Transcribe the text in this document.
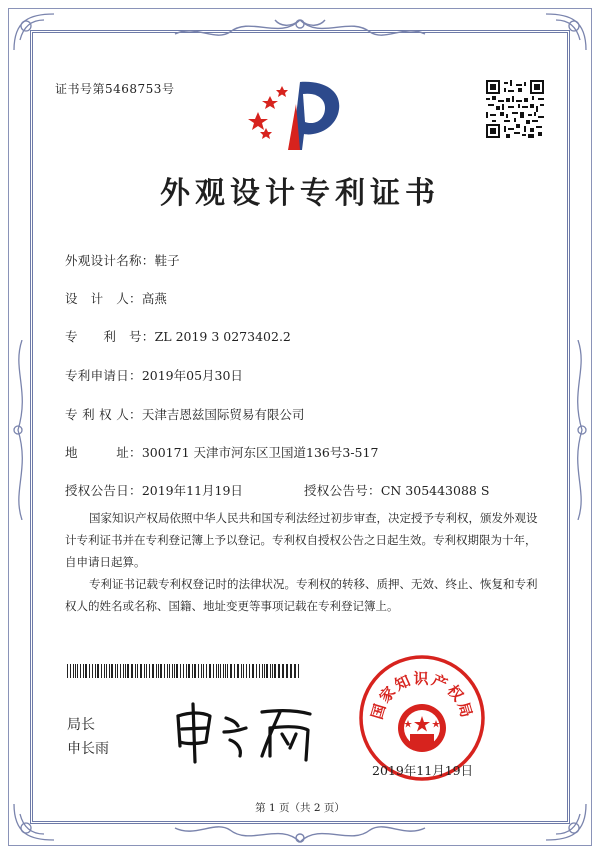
证书号第5468753号
外观设计专利证书
外观设计名称：鞋子
设　计　人：高燕
专　　利　号：ZL 2019 3 0273402.2
专利申请日：2019年05月30日
专 利 权 人：天津吉恩兹国际贸易有限公司
地　　　址：300171 天津市河东区卫国道136号3-517
授权公告日：2019年11月19日	授权公告号：CN 305443088 S
国家知识产权局依照中华人民共和国专利法经过初步审查，决定授予专利权，颁发外观设计专利证书并在专利登记簿上予以登记。专利权自授权公告之日起生效。专利权期限为十年，自申请日起算。
专利证书记载专利权登记时的法律状况。专利权的转移、质押、无效、终止、恢复和专利权人的姓名或名称、国籍、地址变更等事项记载在专利登记簿上。
局长
申长雨
国家知识产权局
2019年11月19日
第 1 页（共 2 页）
